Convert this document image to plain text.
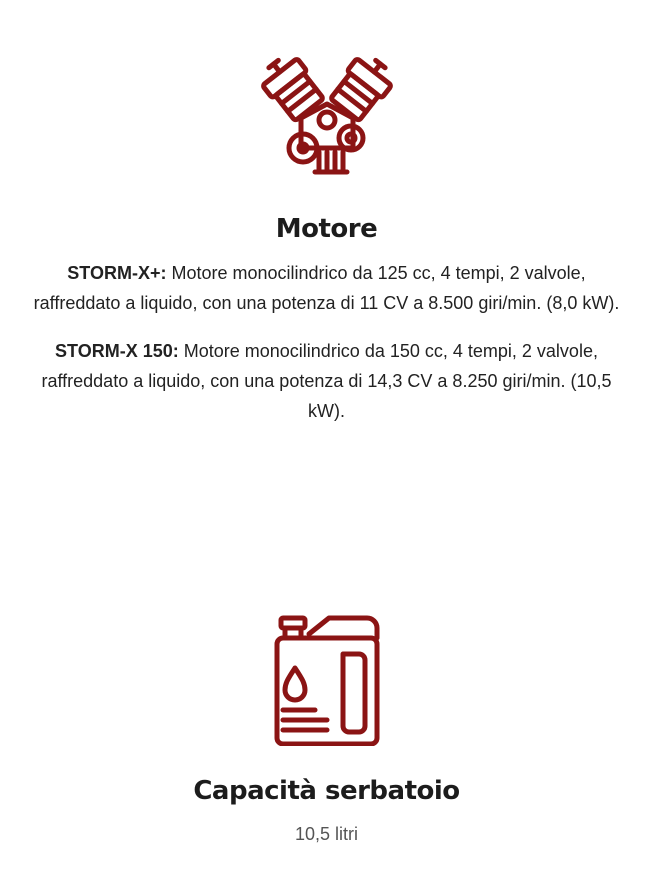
Motore

STORM-X+: Motore monocilindrico da 125 cc, 4 tempi, 2 valvole, raffreddato a liquido, con una potenza di 11 CV a 8.500 giri/min. (8,0 kW).

STORM-X 150: Motore monocilindrico da 150 cc, 4 tempi, 2 valvole, raffreddato a liquido, con una potenza di 14,3 CV a 8.250 giri/min. (10,5 kW).

Capacità serbatoio

10,5 litri
